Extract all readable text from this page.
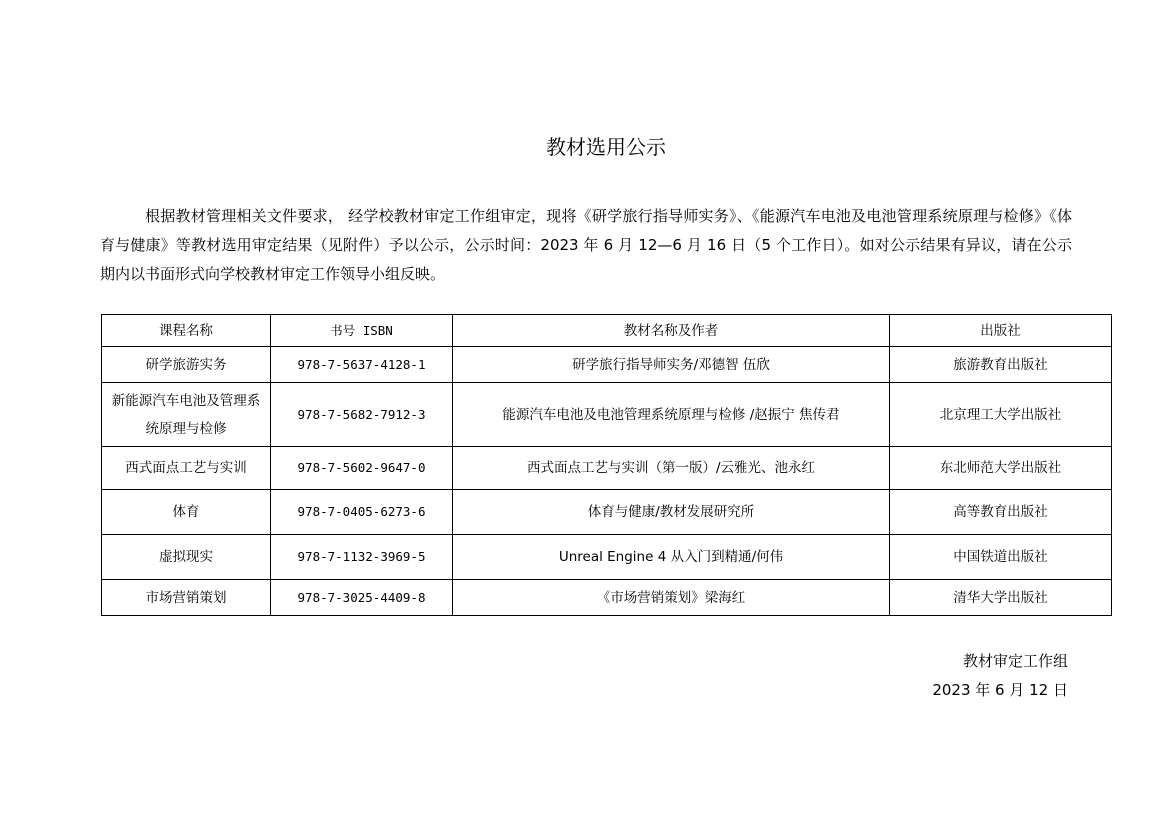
教材选用公示
根据教材管理相关文件要求， 经学校教材审定工作组审定，现将《研学旅行指导师实务》、《能源汽车电池及电池管理系统原理与检修》《体育与健康》等教材选用审定结果（见附件）予以公示，公示时间：2023 年 6 月 12—6 月 16 日（5 个工作日）。如对公示结果有异议，请在公示期内以书面形式向学校教材审定工作领导小组反映。
课程名称	书号 ISBN	教材名称及作者	出版社
研学旅游实务	978-7-5637-4128-1	研学旅行指导师实务/邓德智 伍欣	旅游教育出版社
新能源汽车电池及管理系统原理与检修	978-7-5682-7912-3	能源汽车电池及电池管理系统原理与检修 /赵振宁 焦传君	北京理工大学出版社
西式面点工艺与实训	978-7-5602-9647-0	西式面点工艺与实训（第一版）/云雅光、池永红	东北师范大学出版社
体育	978-7-0405-6273-6	体育与健康/教材发展研究所	高等教育出版社
虚拟现实	978-7-1132-3969-5	Unreal Engine 4 从入门到精通/何伟	中国铁道出版社
市场营销策划	978-7-3025-4409-8	《市场营销策划》梁海红	清华大学出版社
教材审定工作组
2023 年 6 月 12 日
